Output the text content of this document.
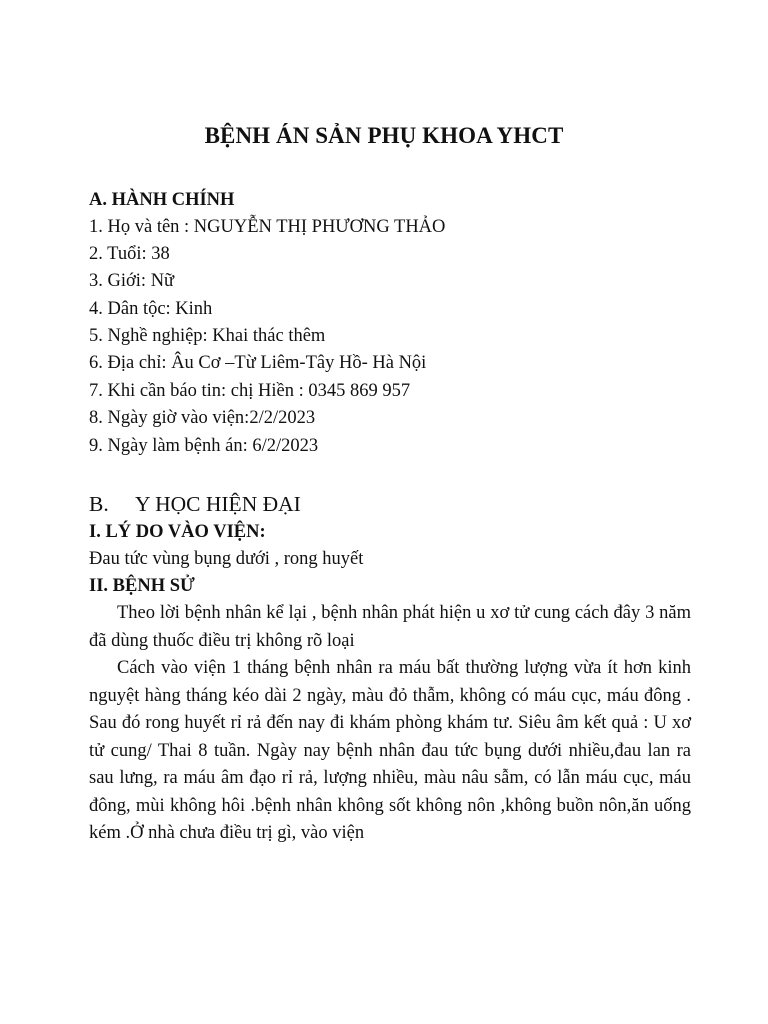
BỆNH ÁN SẢN PHỤ KHOA YHCT
A. HÀNH CHÍNH
1. Họ và tên : NGUYỄN THỊ PHƯƠNG THẢO
2. Tuổi: 38
3. Giới: Nữ
4. Dân tộc: Kinh
5. Nghề nghiệp: Khai thác thêm
6. Địa chỉ: Âu Cơ –Từ Liêm-Tây Hồ- Hà Nội
7. Khi cần báo tin: chị Hiền : 0345 869 957
8. Ngày giờ vào viện:2/2/2023
9. Ngày làm bệnh án: 6/2/2023
B. Y HỌC HIỆN ĐẠI
I. LÝ DO VÀO VIỆN:
Đau tức vùng bụng dưới , rong huyết
II. BỆNH SỬ
Theo lời bệnh nhân kể lại , bệnh nhân phát hiện u xơ tử cung cách đây 3 năm đã dùng thuốc điều trị không rõ loại
Cách vào viện 1 tháng bệnh nhân ra máu bất thường lượng vừa ít hơn kinh nguyệt hàng tháng kéo dài 2 ngày, màu đỏ thẫm, không có máu cục, máu đông . Sau đó rong huyết rỉ rả đến nay đi khám phòng khám tư. Siêu âm kết quả : U xơ tử cung/ Thai 8 tuần. Ngày nay bệnh nhân đau tức bụng dưới nhiều,đau lan ra sau lưng, ra máu âm đạo rỉ rả, lượng nhiều, màu nâu sẫm, có lẫn máu cục, máu đông, mùi không hôi .bệnh nhân không sốt không nôn ,không buồn nôn,ăn uống kém .Ở nhà chưa điều trị gì, vào viện
